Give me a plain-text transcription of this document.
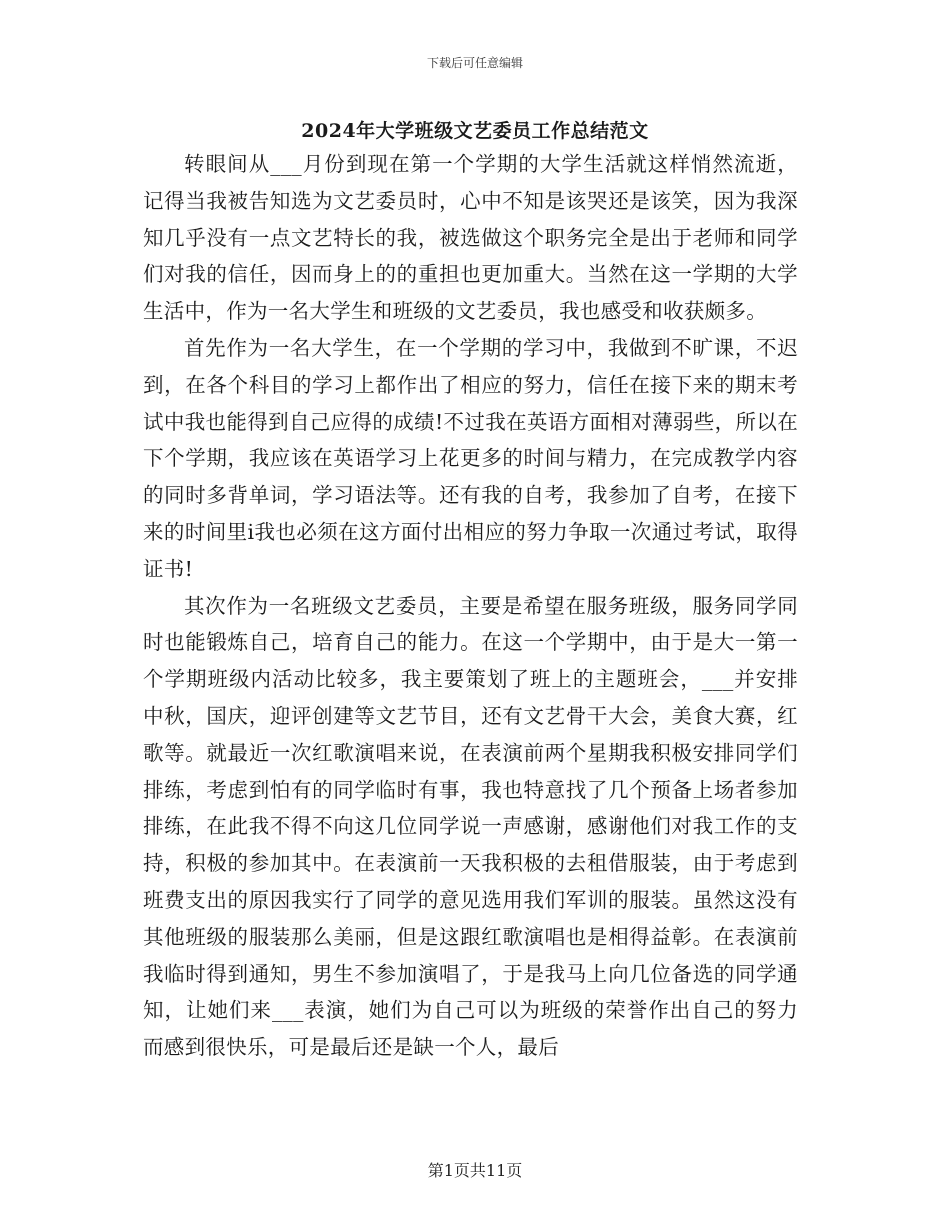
下载后可任意编辑
2024年大学班级文艺委员工作总结范文

转眼间从___月份到现在第一个学期的大学生活就这样悄然流逝，记得当我被告知选为文艺委员时，心中不知是该哭还是该笑，因为我深知几乎没有一点文艺特长的我，被选做这个职务完全是出于老师和同学们对我的信任，因而身上的的重担也更加重大。当然在这一学期的大学生活中，作为一名大学生和班级的文艺委员，我也感受和收获颇多。

首先作为一名大学生，在一个学期的学习中，我做到不旷课，不迟到，在各个科目的学习上都作出了相应的努力，信任在接下来的期末考试中我也能得到自己应得的成绩!不过我在英语方面相对薄弱些，所以在下个学期，我应该在英语学习上花更多的时间与精力，在完成教学内容的同时多背单词，学习语法等。还有我的自考，我参加了自考，在接下来的时间里i我也必须在这方面付出相应的努力争取一次通过考试，取得证书!

其次作为一名班级文艺委员，主要是希望在服务班级，服务同学同时也能锻炼自己，培育自己的能力。在这一个学期中，由于是大一第一个学期班级内活动比较多，我主要策划了班上的主题班会，___并安排中秋，国庆，迎评创建等文艺节目，还有文艺骨干大会，美食大赛，红歌等。就最近一次红歌演唱来说，在表演前两个星期我积极安排同学们排练，考虑到怕有的同学临时有事，我也特意找了几个预备上场者参加排练，在此我不得不向这几位同学说一声感谢，感谢他们对我工作的支持，积极的参加其中。在表演前一天我积极的去租借服装，由于考虑到班费支出的原因我实行了同学的意见选用我们军训的服装。虽然这没有其他班级的服装那么美丽，但是这跟红歌演唱也是相得益彰。在表演前我临时得到通知，男生不参加演唱了，于是我马上向几位备选的同学通知，让她们来___表演，她们为自己可以为班级的荣誉作出自己的努力而感到很快乐，可是最后还是缺一个人，最后

第1页共11页
